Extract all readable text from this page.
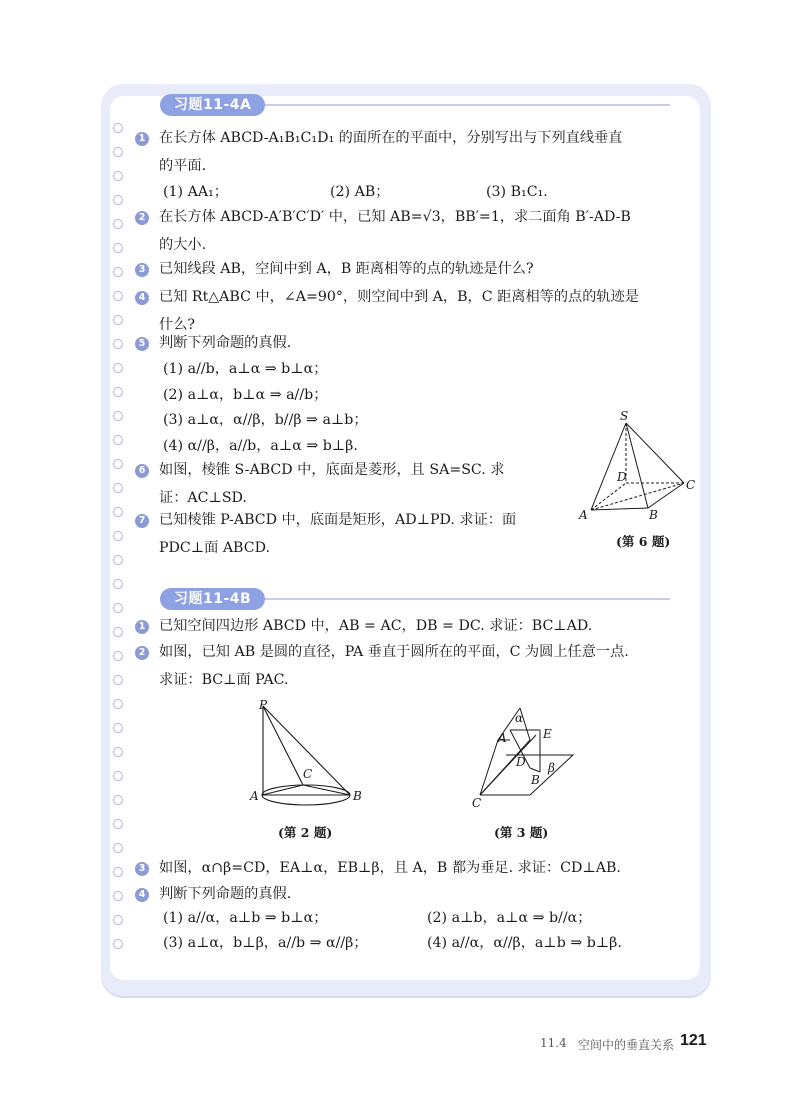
习题11-4A
1 在长方体 ABCD-A₁B₁C₁D₁ 的面所在的平面中，分别写出与下列直线垂直
的平面.
(1) AA₁；	(2) AB；	(3) B₁C₁.
2 在长方体 ABCD-A′B′C′D′ 中，已知 AB=√3，BB′=1，求二面角 B′-AD-B
的大小.
3 已知线段 AB，空间中到 A，B 距离相等的点的轨迹是什么?
4 已知 Rt△ABC 中，∠A=90°，则空间中到 A，B，C 距离相等的点的轨迹是
什么?
5 判断下列命题的真假.
(1) a//b，a⊥α ⇒ b⊥α；
(2) a⊥α，b⊥α ⇒ a//b；
(3) a⊥α，α//β，b//β ⇒ a⊥b；
(4) α//β，a//b，a⊥α ⇒ b⊥β.
6 如图，棱锥 S-ABCD 中，底面是菱形，且 SA=SC. 求
证：AC⊥SD.
7 已知棱锥 P-ABCD 中，底面是矩形，AD⊥PD. 求证：面
PDC⊥面 ABCD.
S
D
C
A	B
(第 6 题)
习题11-4B
1 已知空间四边形 ABCD 中，AB = AC，DB = DC. 求证：BC⊥AD.
2 如图，已知 AB 是圆的直径，PA 垂直于圆所在的平面，C 为圆上任意一点.
求证：BC⊥面 PAC.
P
C
A	B
(第 2 题)
α
A	E
D β
B
C
(第 3 题)
3 如图，α∩β=CD，EA⊥α，EB⊥β，且 A，B 都为垂足. 求证：CD⊥AB.
4 判断下列命题的真假.
(1) a//α，a⊥b ⇒ b⊥α；	(2) a⊥b，a⊥α ⇒ b//α；
(3) a⊥α，b⊥β，a//b ⇒ α//β；	(4) a//α，α//β，a⊥b ⇒ b⊥β.
11.4 空间中的垂直关系 121
